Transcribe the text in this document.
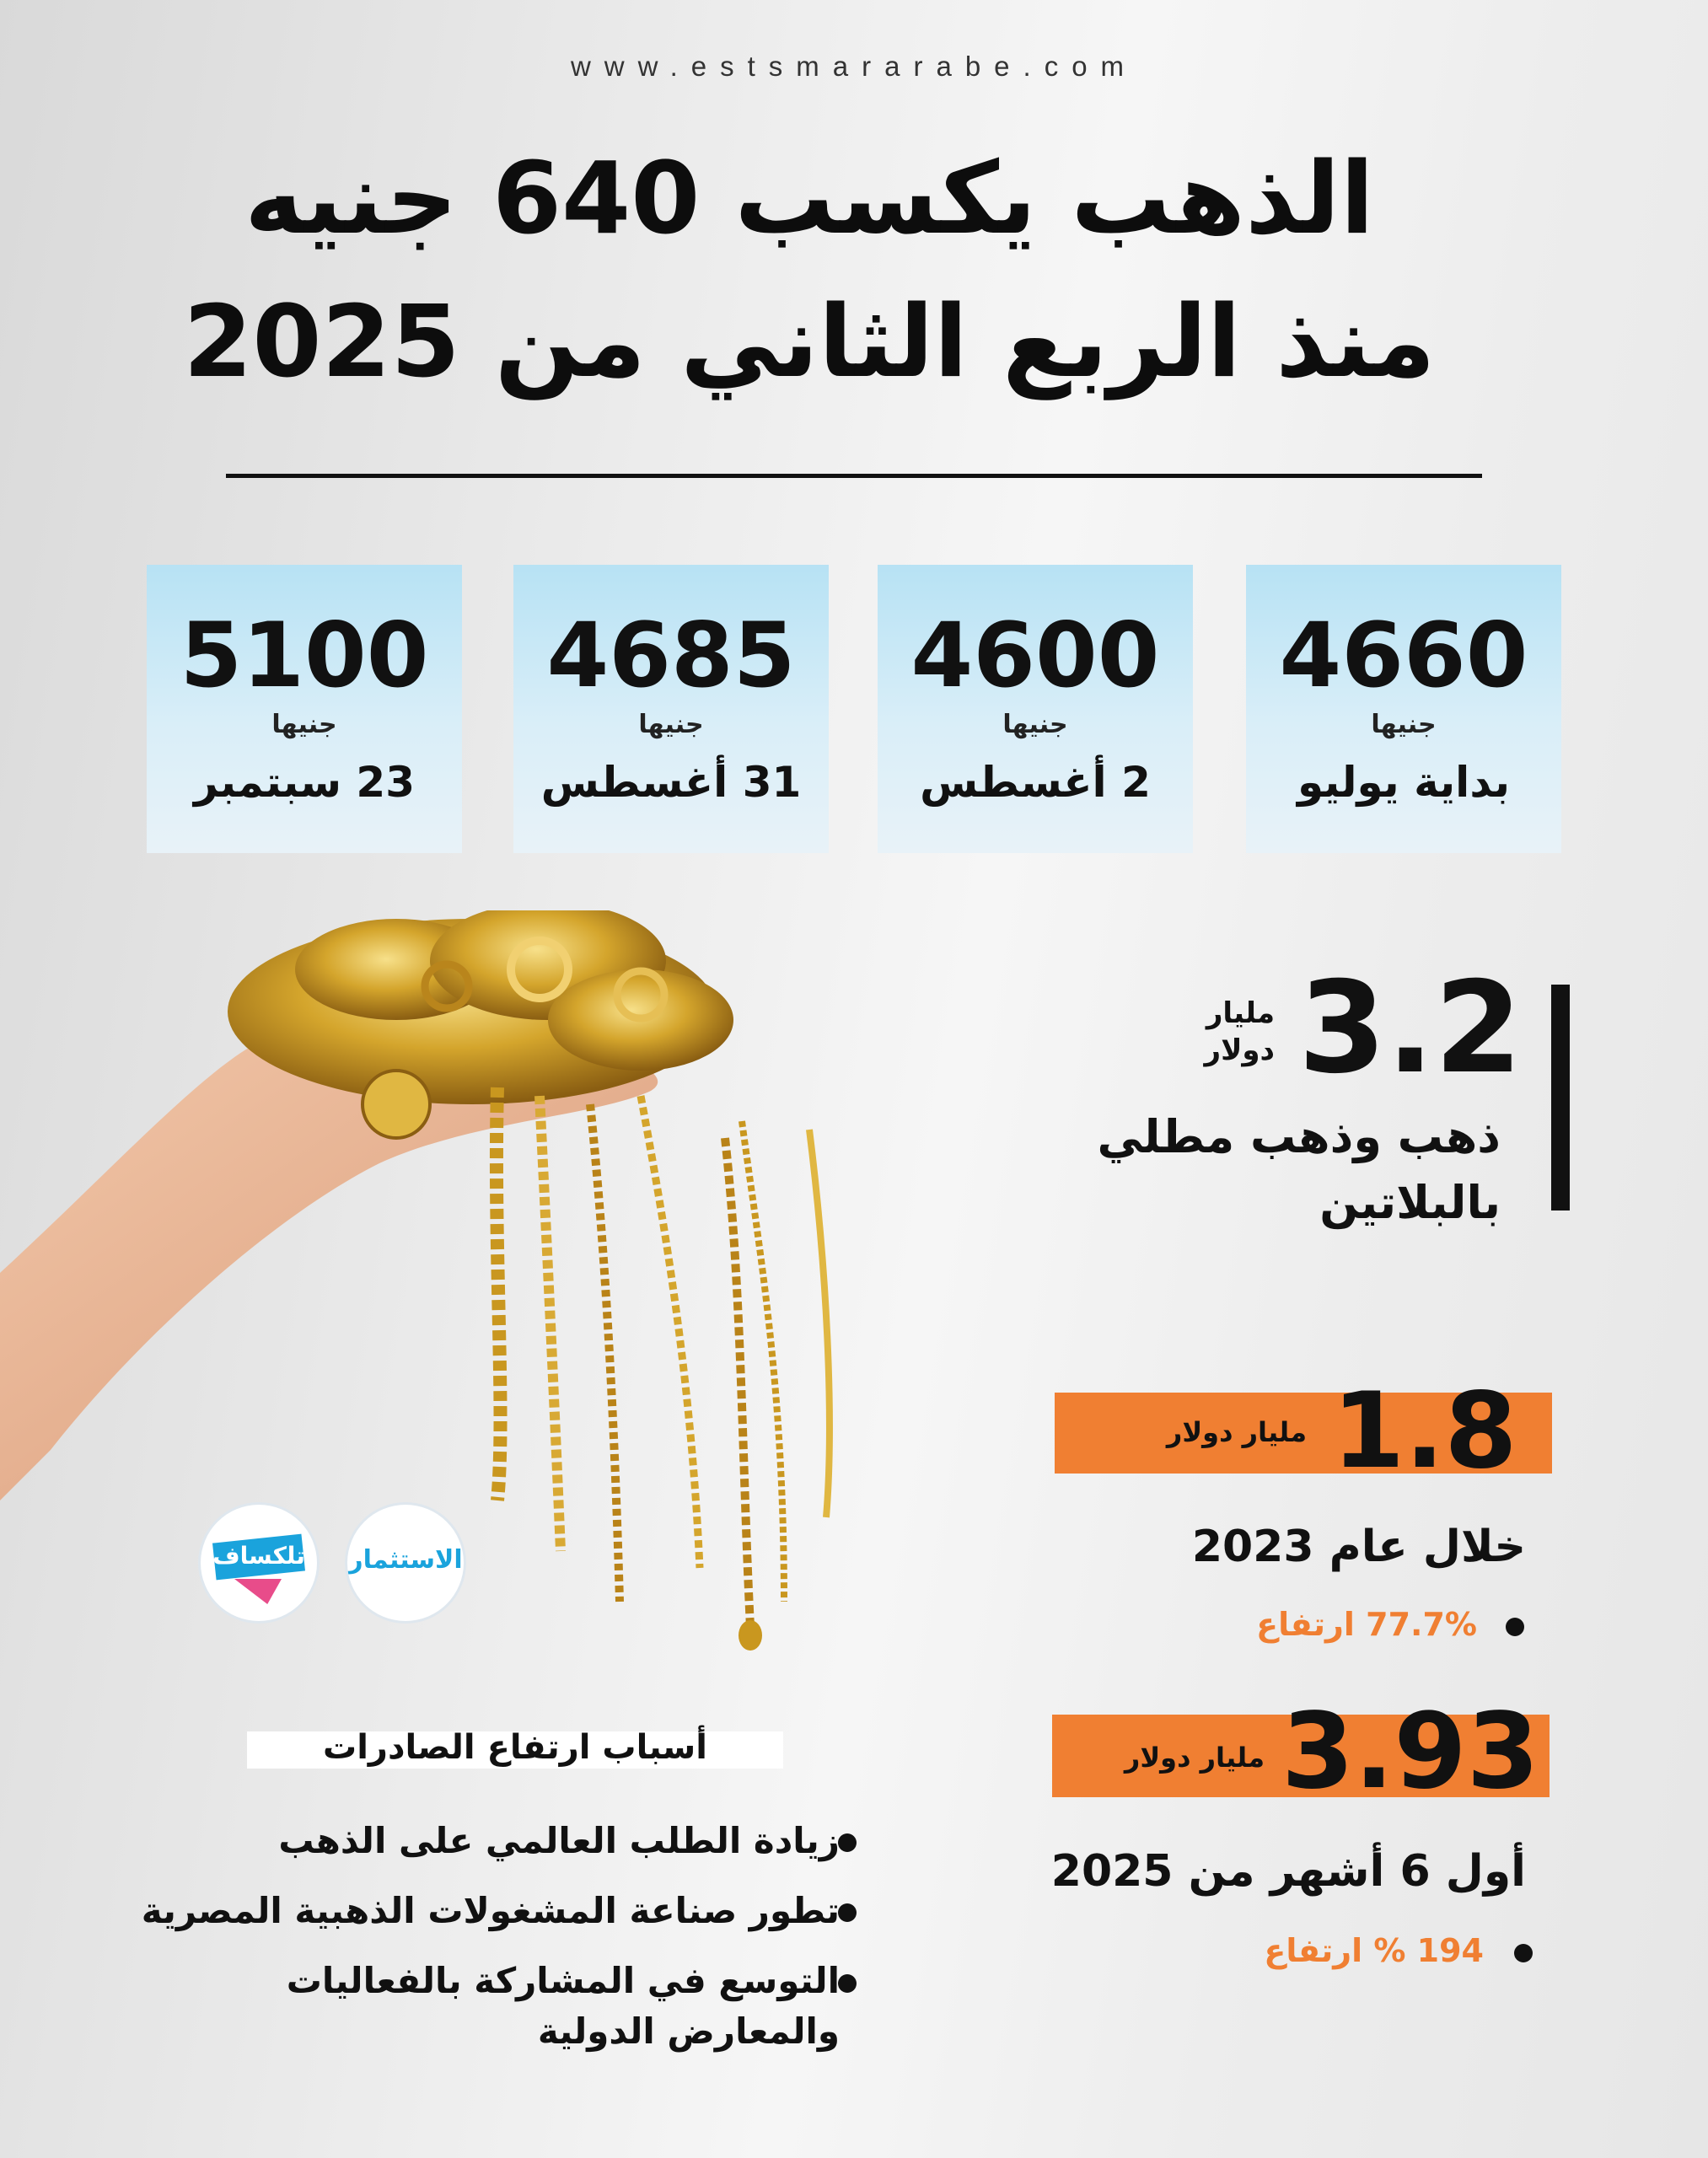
www.estsmararabe.com
الذهب يكسب 640 جنيه
منذ الربع الثاني من 2025
4660
جنيها
بداية يوليو
4600
جنيها
2 أغسطس
4685
جنيها
31 أغسطس
5100
جنيها
23 سبتمبر
الاستثمار
تلكساف
3.2
مليار
دولار
ذهب وذهب مطلي
بالبلاتين
1.8
مليار دولار
خلال عام 2023
77.7% ارتفاع
3.93
مليار دولار
أول 6 أشهر من 2025
194 % ارتفاع
أسباب ارتفاع الصادرات
زيادة الطلب العالمي على الذهب
تطور صناعة المشغولات الذهبية المصرية
التوسع في المشاركة بالفعاليات
والمعارض الدولية
